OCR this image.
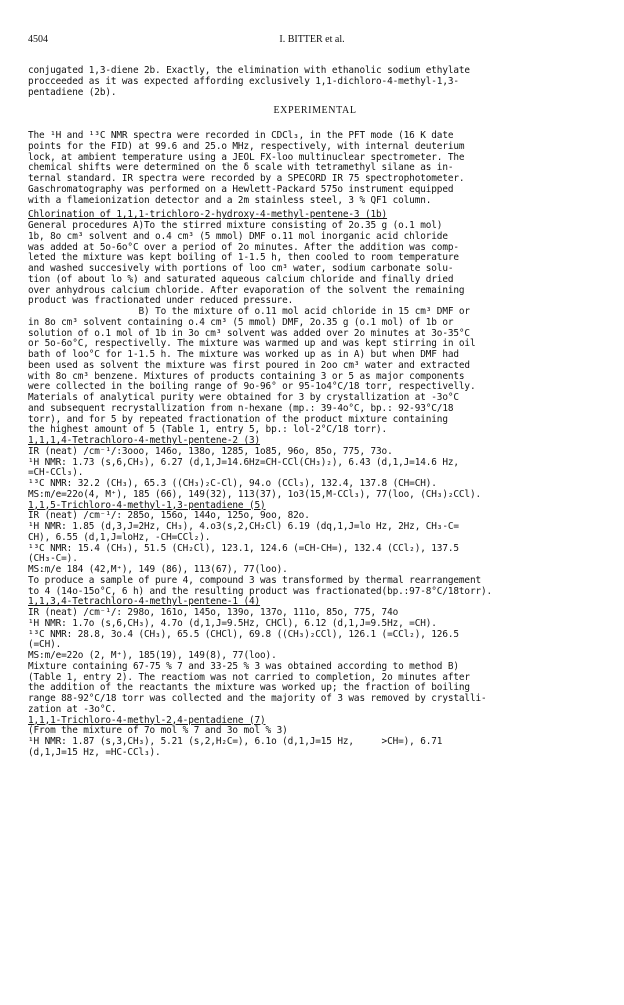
4504	I. BITTER et al.

conjugated 1,3-diene 2b. Exactly, the elimination with ethanolic sodium ethylate
procceeded as it was expected affording exclusively 1,1-dichloro-4-methyl-1,3-
pentadiene (2b).

EXPERIMENTAL

The ¹H and ¹³C NMR spectra were recorded in CDCl₃, in the PFT mode (16 K date
points for the FID) at 99.6 and 25.o MHz, respectively, with internal deuterium
lock, at ambient temperature using a JEOL FX-loo multinuclear spectrometer. The
chemical shifts were determined on the δ scale with tetramethyl silane as in-
ternal standard. IR spectra were recorded by a SPECORD IR 75 spectrophotometer.
Gaschromatography was performed on a Hewlett-Packard 575o instrument equipped
with a flameionization detector and a 2m stainless steel, 3 % QF1 column.

Chlorination of 1,1,1-trichloro-2-hydroxy-4-methyl-pentene-3 (1b)

General procedures A)To the stirred mixture consisting of 2o.35 g (o.1 mol)
1b, 8o cm³ solvent and o.4 cm³ (5 mmol) DMF o.11 mol inorganic acid chloride
was added at 5o-6o°C over a period of 2o minutes. After the addition was comp-
leted the mixture was kept boiling of 1-1.5 h, then cooled to room temperature
and washed succesively with portions of loo cm³ water, sodium carbonate solu-
tion (of about lo %) and saturated aqueous calcium chloride and finally dried
over anhydrous calcium chloride. After evaporation of the solvent the remaining
product was fractionated under reduced pressure.
B) To the mixture of o.11 mol acid chloride in 15 cm³ DMF or
in 8o cm³ solvent containing o.4 cm³ (5 mmol) DMF, 2o.35 g (o.1 mol) of 1b or
solution of o.1 mol of 1b in 3o cm³ solvent was added over 2o minutes at 3o-35°C
or 5o-6o°C, respectivelly. The mixture was warmed up and was kept stirring in oil
bath of loo°C for 1-1.5 h. The mixture was worked up as in A) but when DMF had
been used as solvent the mixture was first poured in 2oo cm³ water and extracted
with 8o cm³ benzene. Mixtures of products containing 3 or 5 as major components
were collected in the boiling range of 9o-96° or 95-1o4°C/18 torr, respectivelly.
Materials of analytical purity were obtained for 3 by crystallization at -3o°C
and subsequent recrystallization from n-hexane (mp.: 39-4o°C, bp.: 92-93°C/18
torr), and for 5 by repeated fractionation of the product mixture containing
the highest amount of 5 (Table 1, entry 5, bp.: lol-2°C/18 torr).

1,1,1,4-Tetrachloro-4-methyl-pentene-2 (3)

IR (neat) /cm⁻¹/:3ooo, 146o, 138o, 1285, 1o85, 96o, 85o, 775, 73o.
¹H NMR: 1.73 (s,6,CH₃), 6.27 (d,1,J=14.6Hz=CH-CCl(CH₃)₂), 6.43 (d,1,J=14.6 Hz,
=CH-CCl₃).
¹³C NMR: 32.2 (CH₃), 65.3 ((CH₃)₂C-Cl), 94.o (CCl₃), 132.4, 137.8 (CH=CH).
MS:m/e=22o(4, M⁺), 185 (66), 149(32), 113(37), 1o3(15,M-CCl₃), 77(loo, (CH₃)₂CCl).

1,1,5-Trichloro-4-methyl-1,3-pentadiene (5)

IR (neat) /cm⁻¹/: 285o, 156o, 144o, 125o, 9oo, 82o.
¹H NMR: 1.85 (d,3,J=2Hz, CH₃), 4.o3(s,2,CH₂Cl) 6.19 (dq,1,J=lo Hz, 2Hz, CH₃-C=
CH), 6.55 (d,1,J=loHz, -CH=CCl₂).
¹³C NMR: 15.4 (CH₃), 51.5 (CH₂Cl), 123.1, 124.6 (=CH-CH=), 132.4 (CCl₂), 137.5
(CH₃-C=).
MS:m/e 184 (42,M⁺), 149 (86), 113(67), 77(loo).
To produce a sample of pure 4, compound 3 was transformed by thermal rearrangement
to 4 (14o-15o°C, 6 h) and the resulting product was fractionated(bp.:97-8°C/18torr).

1,1,3,4-Tetrachloro-4-methyl-pentene-1 (4)

IR (neat) /cm⁻¹/: 298o, 161o, 145o, 139o, 137o, 111o, 85o, 775, 74o
¹H NMR: 1.7o (s,6,CH₃), 4.7o (d,1,J=9.5Hz, CHCl), 6.12 (d,1,J=9.5Hz, =CH).
¹³C NMR: 28.8, 3o.4 (CH₃), 65.5 (CHCl), 69.8 ((CH₃)₂CCl), 126.1 (=CCl₂), 126.5
(=CH).
MS:m/e=22o (2, M⁺), 185(19), 149(8), 77(loo).
Mixture containing 67-75 % 7 and 33-25 % 3 was obtained according to method B)
(Table 1, entry 2). The reactiom was not carried to completion, 2o minutes after
the addition of the reactants the mixture was worked up; the fraction of boiling
range 88-92°C/18 torr was collected and the majority of 3 was removed by crystalli-
zation at -3o°C.

1,1,1-Trichloro-4-methyl-2,4-pentadiene (7)

(From the mixture of 7o mol % 7 and 3o mol % 3)
¹H NMR: 1.87 (s,3,CH₃), 5.21 (s,2,H₂C=), 6.1o (d,1,J=15 Hz,     >CH=), 6.71
(d,1,J=15 Hz, =HC-CCl₃).
